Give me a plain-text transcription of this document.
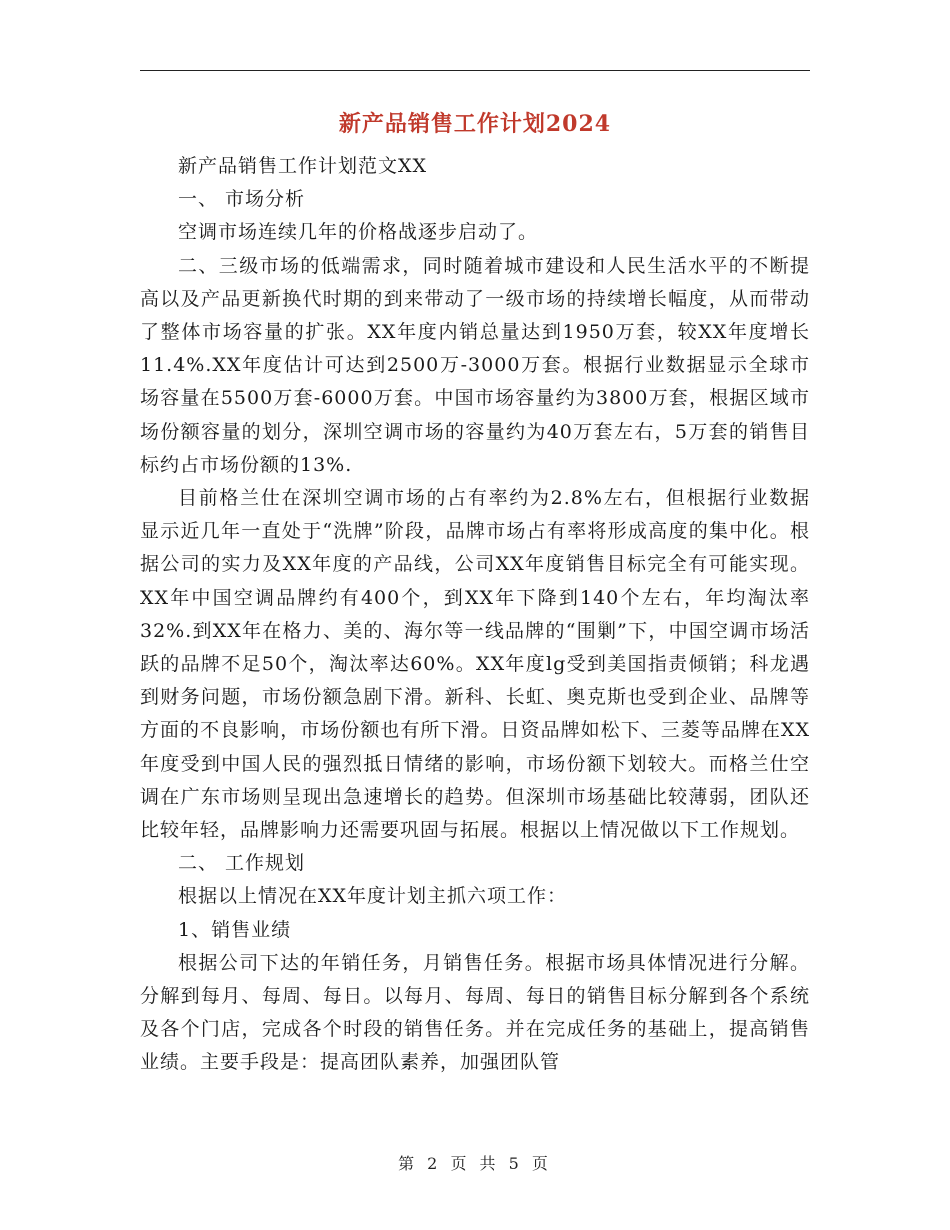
新产品销售工作计划2024

新产品销售工作计划范文XX

一、 市场分析

空调市场连续几年的价格战逐步启动了。

二、三级市场的低端需求，同时随着城市建设和人民生活水平的不断提高以及产品更新换代时期的到来带动了一级市场的持续增长幅度，从而带动了整体市场容量的扩张。XX年度内销总量达到1950万套，较XX年度增长11.4%.XX年度估计可达到2500万-3000万套。根据行业数据显示全球市场容量在5500万套-6000万套。中国市场容量约为3800万套，根据区域市场份额容量的划分，深圳空调市场的容量约为40万套左右，5万套的销售目标约占市场份额的13%.

目前格兰仕在深圳空调市场的占有率约为2.8%左右，但根据行业数据显示近几年一直处于“洗牌”阶段，品牌市场占有率将形成高度的集中化。根据公司的实力及XX年度的产品线，公司XX年度销售目标完全有可能实现。XX年中国空调品牌约有400个，到XX年下降到140个左右，年均淘汰率32%.到XX年在格力、美的、海尔等一线品牌的“围剿”下，中国空调市场活跃的品牌不足50个，淘汰率达60%。XX年度lg受到美国指责倾销；科龙遇到财务问题，市场份额急剧下滑。新科、长虹、奥克斯也受到企业、品牌等方面的不良影响，市场份额也有所下滑。日资品牌如松下、三菱等品牌在XX年度受到中国人民的强烈抵日情绪的影响，市场份额下划较大。而格兰仕空调在广东市场则呈现出急速增长的趋势。但深圳市场基础比较薄弱，团队还比较年轻，品牌影响力还需要巩固与拓展。根据以上情况做以下工作规划。

二、 工作规划

根据以上情况在XX年度计划主抓六项工作：

1、销售业绩

根据公司下达的年销任务，月销售任务。根据市场具体情况进行分解。分解到每月、每周、每日。以每月、每周、每日的销售目标分解到各个系统及各个门店，完成各个时段的销售任务。并在完成任务的基础上，提高销售业绩。主要手段是：提高团队素养，加强团队管

第 2 页 共 5 页
